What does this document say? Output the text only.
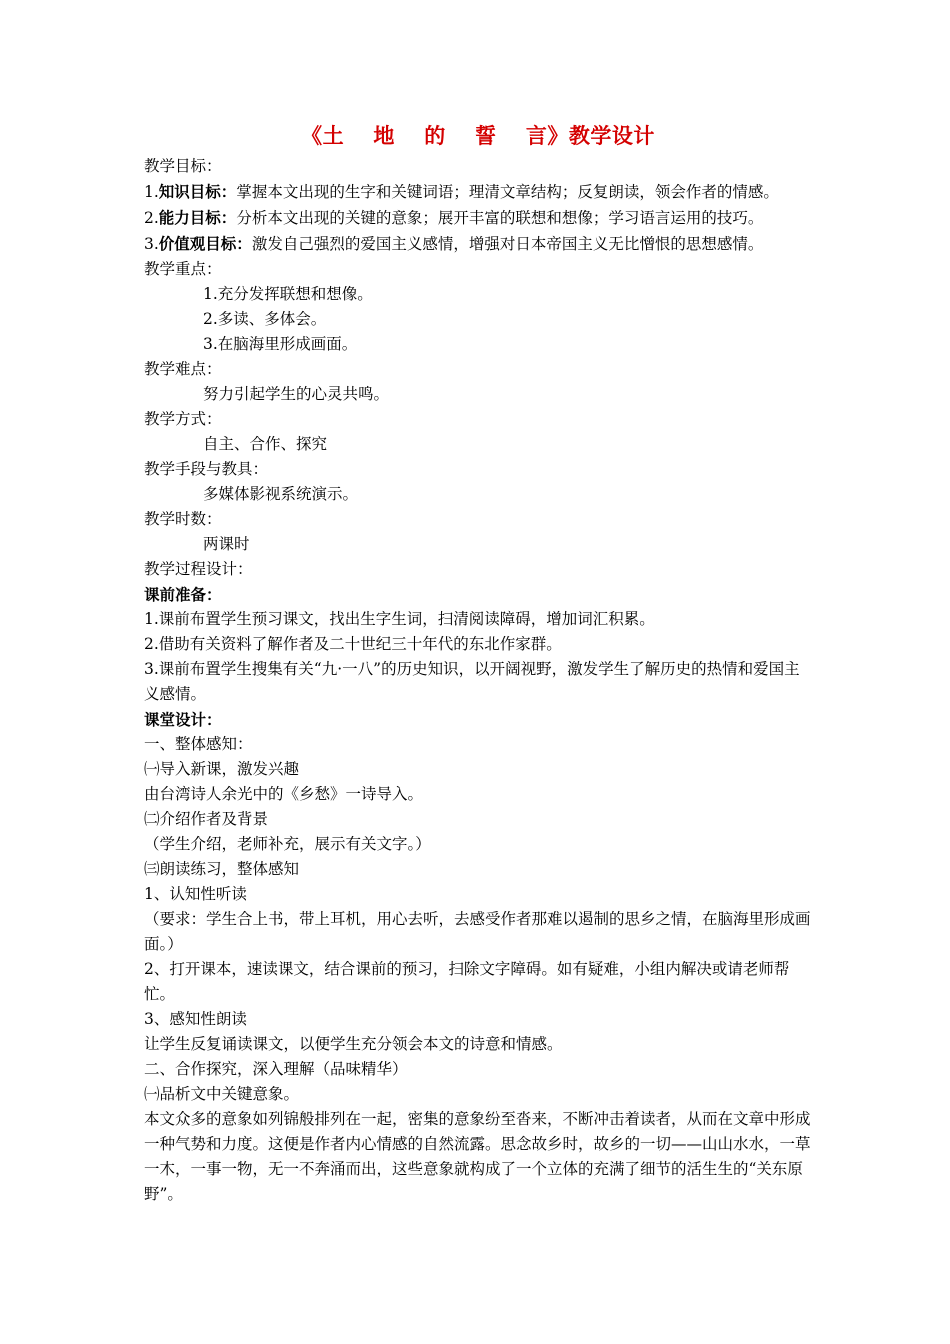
《土　 地　 的　 誓　 言》教学设计

教学目标：

1.知识目标：掌握本文出现的生字和关键词语；理清文章结构；反复朗读，领会作者的情感。

2.能力目标：分析本文出现的关键的意象；展开丰富的联想和想像；学习语言运用的技巧。

3.价值观目标：激发自己强烈的爱国主义感情，增强对日本帝国主义无比憎恨的思想感情。

教学重点：

1.充分发挥联想和想像。

2.多读、多体会。

3.在脑海里形成画面。

教学难点：

努力引起学生的心灵共鸣。

教学方式：

自主、合作、探究

教学手段与教具：

多媒体影视系统演示。

教学时数：

两课时

教学过程设计：

课前准备：

1.课前布置学生预习课文，找出生字生词，扫清阅读障碍，增加词汇积累。

2.借助有关资料了解作者及二十世纪三十年代的东北作家群。

3.课前布置学生搜集有关“九·一八”的历史知识，以开阔视野，激发学生了解历史的热情和爱国主义感情。

课堂设计：

一、整体感知：

㈠导入新课，激发兴趣

由台湾诗人余光中的《乡愁》一诗导入。

㈡介绍作者及背景

（学生介绍，老师补充，展示有关文字。）

㈢朗读练习，整体感知

1、认知性听读

（要求：学生合上书，带上耳机，用心去听，去感受作者那难以遏制的思乡之情，在脑海里形成画面。）

2、打开课本，速读课文，结合课前的预习，扫除文字障碍。如有疑难，小组内解决或请老师帮忙。

3、感知性朗读

让学生反复诵读课文，以便学生充分领会本文的诗意和情感。

二、合作探究，深入理解（品味精华）

㈠品析文中关键意象。

本文众多的意象如列锦般排列在一起，密集的意象纷至沓来，不断冲击着读者，从而在文章中形成一种气势和力度。这便是作者内心情感的自然流露。思念故乡时，故乡的一切——山山水水，一草一木，一事一物，无一不奔涌而出，这些意象就构成了一个立体的充满了细节的活生生的“关东原野”。
